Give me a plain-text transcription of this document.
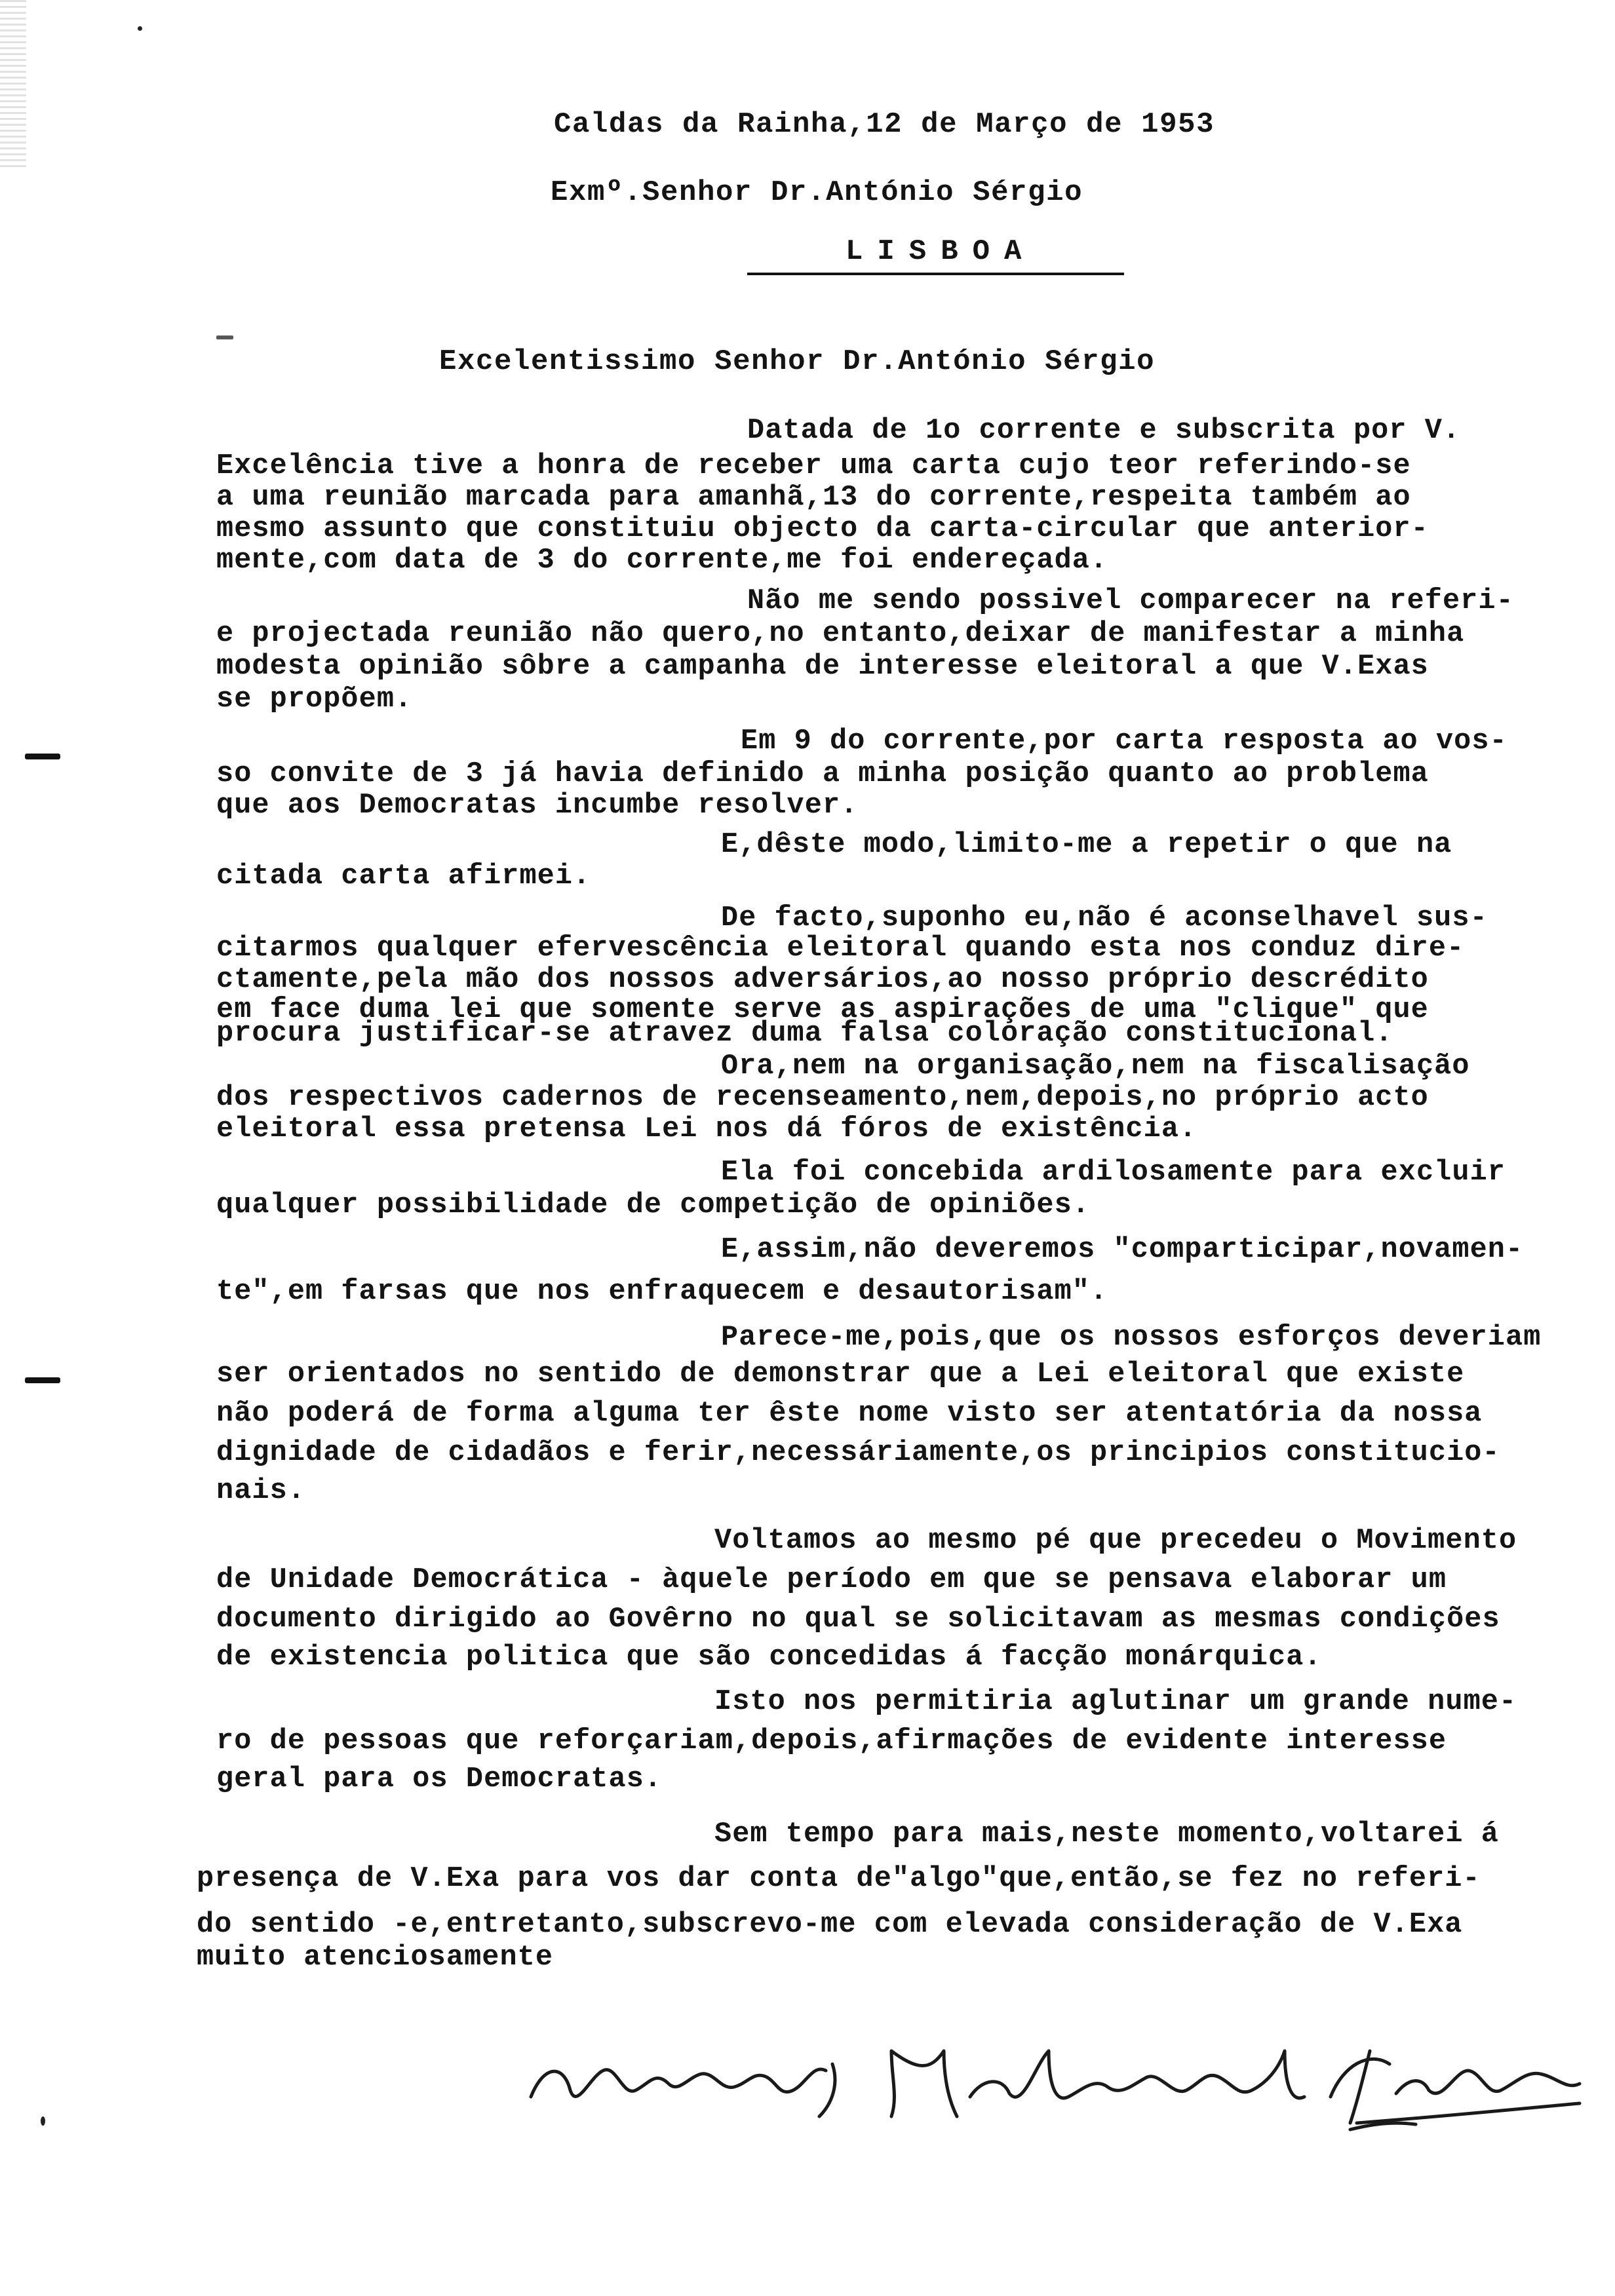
Caldas da Rainha,12 de Março de 1953
Exmº.Senhor Dr.António Sérgio
LISBOA
Excelentissimo Senhor Dr.António Sérgio
Datada de 1o corrente e subscrita por V.
Excelência tive a honra de receber uma carta cujo teor referindo-se
a uma reunião marcada para amanhã,13 do corrente,respeita também ao
mesmo assunto que constituiu objecto da carta-circular que anterior-
mente,com data de 3 do corrente,me foi endereçada.
Não me sendo possivel comparecer na referi-
e projectada reunião não quero,no entanto,deixar de manifestar a minha
modesta opinião sôbre a campanha de interesse eleitoral a que V.Exas
se propõem.
Em 9 do corrente,por carta resposta ao vos-
so convite de 3 já havia definido a minha posição quanto ao problema
que aos Democratas incumbe resolver.
E,dêste modo,limito-me a repetir o que na
citada carta afirmei.
De facto,suponho eu,não é aconselhavel sus-
citarmos qualquer efervescência eleitoral quando esta nos conduz dire-
ctamente,pela mão dos nossos adversários,ao nosso próprio descrédito
em face duma lei que somente serve as aspirações de uma "clique" que
procura justificar-se atravez duma falsa coloração constitucional.
Ora,nem na organisação,nem na fiscalisação
dos respectivos cadernos de recenseamento,nem,depois,no próprio acto
eleitoral essa pretensa Lei nos dá fóros de existência.
Ela foi concebida ardilosamente para excluir
qualquer possibilidade de competição de opiniões.
E,assim,não deveremos "comparticipar,novamen-
te",em farsas que nos enfraquecem e desautorisam".
Parece-me,pois,que os nossos esforços deveriam
ser orientados no sentido de demonstrar que a Lei eleitoral que existe
não poderá de forma alguma ter êste nome visto ser atentatória da nossa
dignidade de cidadãos e ferir,necessáriamente,os principios constitucio-
nais.
Voltamos ao mesmo pé que precedeu o Movimento
de Unidade Democrática - àquele período em que se pensava elaborar um
documento dirigido ao Govêrno no qual se solicitavam as mesmas condições
de existencia politica que são concedidas á facção monárquica.
Isto nos permitiria aglutinar um grande nume-
ro de pessoas que reforçariam,depois,afirmações de evidente interesse
geral para os Democratas.
Sem tempo para mais,neste momento,voltarei á
presença de V.Exa para vos dar conta de"algo"que,então,se fez no referi-
do sentido -e,entretanto,subscrevo-me com elevada consideração de V.Exa
muito atenciosamente
